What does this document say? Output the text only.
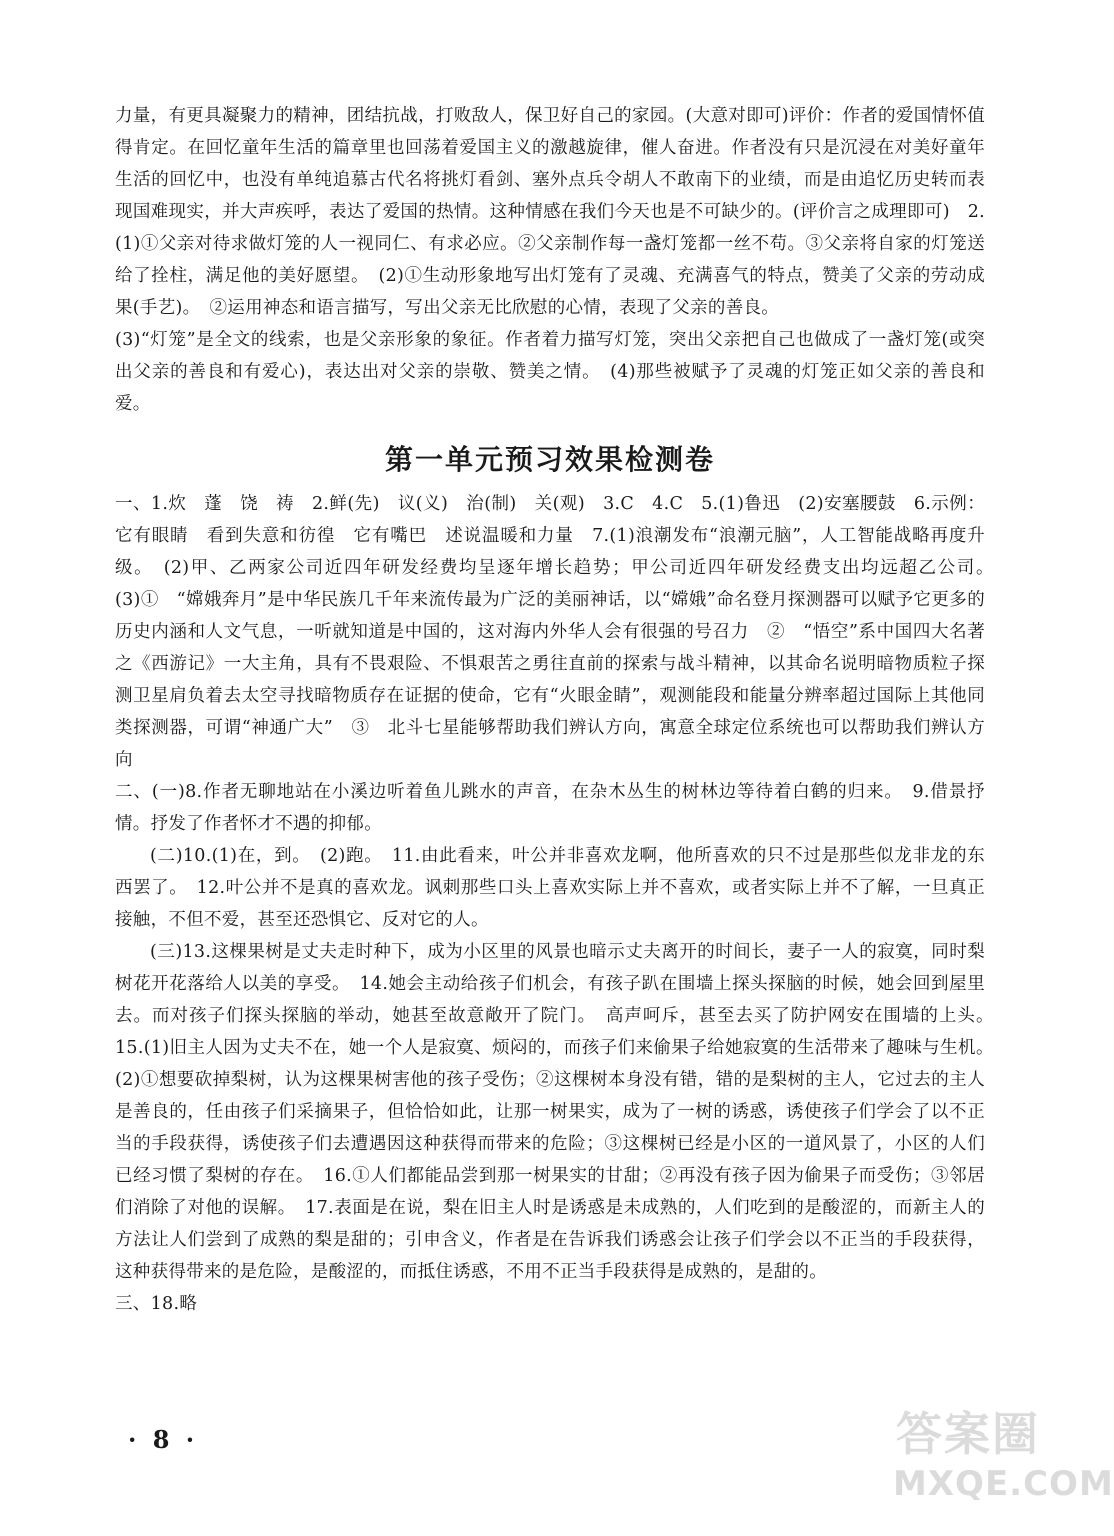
力量，有更具凝聚力的精神，团结抗战，打败敌人，保卫好自己的家园。(大意对即可)评价：作者的爱国情怀值得肯定。在回忆童年生活的篇章里也回荡着爱国主义的激越旋律，催人奋进。作者没有只是沉浸在对美好童年生活的回忆中，也没有单纯追慕古代名将挑灯看剑、塞外点兵令胡人不敢南下的业绩，而是由追忆历史转而表现国难现实，并大声疾呼，表达了爱国的热情。这种情感在我们今天也是不可缺少的。(评价言之成理即可)　2.(1)①父亲对待求做灯笼的人一视同仁、有求必应。②父亲制作每一盏灯笼都一丝不苟。③父亲将自家的灯笼送给了拴柱，满足他的美好愿望。　(2)①生动形象地写出灯笼有了灵魂、充满喜气的特点，赞美了父亲的劳动成果(手艺)。　②运用神态和语言描写，写出父亲无比欣慰的心情，表现了父亲的善良。

(3)“灯笼”是全文的线索，也是父亲形象的象征。作者着力描写灯笼，突出父亲把自己也做成了一盏灯笼(或突出父亲的善良和有爱心)，表达出对父亲的崇敬、赞美之情。　(4)那些被赋予了灵魂的灯笼正如父亲的善良和爱。

第一单元预习效果检测卷

一、1.炊　蓬　饶　祷　2.鲜(先)　议(义)　治(制)　关(观)　3.C　4.C　5.(1)鲁迅　(2)安塞腰鼓　6.示例：它有眼睛　看到失意和彷徨　它有嘴巴　述说温暖和力量　7.(1)浪潮发布“浪潮元脑”，人工智能战略再度升级。　(2)甲、乙两家公司近四年研发经费均呈逐年增长趋势；甲公司近四年研发经费支出均远超乙公司。　(3)①　“嫦娥奔月”是中华民族几千年来流传最为广泛的美丽神话，以“嫦娥”命名登月探测器可以赋予它更多的历史内涵和人文气息，一听就知道是中国的，这对海内外华人会有很强的号召力　②　“悟空”系中国四大名著之《西游记》一大主角，具有不畏艰险、不惧艰苦之勇往直前的探索与战斗精神，以其命名说明暗物质粒子探测卫星肩负着去太空寻找暗物质存在证据的使命，它有“火眼金睛”，观测能段和能量分辨率超过国际上其他同类探测器，可谓“神通广大”　③　北斗七星能够帮助我们辨认方向，寓意全球定位系统也可以帮助我们辨认方向

二、(一)8.作者无聊地站在小溪边听着鱼儿跳水的声音，在杂木丛生的树林边等待着白鹤的归来。　9.借景抒情。抒发了作者怀才不遇的抑郁。

(二)10.(1)在，到。　(2)跑。　11.由此看来，叶公并非喜欢龙啊，他所喜欢的只不过是那些似龙非龙的东西罢了。　12.叶公并不是真的喜欢龙。讽刺那些口头上喜欢实际上并不喜欢，或者实际上并不了解，一旦真正接触，不但不爱，甚至还恐惧它、反对它的人。

(三)13.这棵果树是丈夫走时种下，成为小区里的风景也暗示丈夫离开的时间长，妻子一人的寂寞，同时梨树花开花落给人以美的享受。　14.她会主动给孩子们机会，有孩子趴在围墙上探头探脑的时候，她会回到屋里去。而对孩子们探头探脑的举动，她甚至故意敞开了院门。　高声呵斥，甚至去买了防护网安在围墙的上头。　15.(1)旧主人因为丈夫不在，她一个人是寂寞、烦闷的，而孩子们来偷果子给她寂寞的生活带来了趣味与生机。　(2)①想要砍掉梨树，认为这棵果树害他的孩子受伤；②这棵树本身没有错，错的是梨树的主人，它过去的主人是善良的，任由孩子们采摘果子，但恰恰如此，让那一树果实，成为了一树的诱惑，诱使孩子们学会了以不正当的手段获得，诱使孩子们去遭遇因这种获得而带来的危险；③这棵树已经是小区的一道风景了，小区的人们已经习惯了梨树的存在。　16.①人们都能品尝到那一树果实的甘甜；②再没有孩子因为偷果子而受伤；③邻居们消除了对他的误解。　17.表面是在说，梨在旧主人时是诱惑是未成熟的，人们吃到的是酸涩的，而新主人的方法让人们尝到了成熟的梨是甜的；引申含义，作者是在告诉我们诱惑会让孩子们学会以不正当的手段获得，这种获得带来的是危险，是酸涩的，而抵住诱惑，不用不正当手段获得是成熟的，是甜的。

三、18.略

· 8 ·	答案圈
MXQE.COM
